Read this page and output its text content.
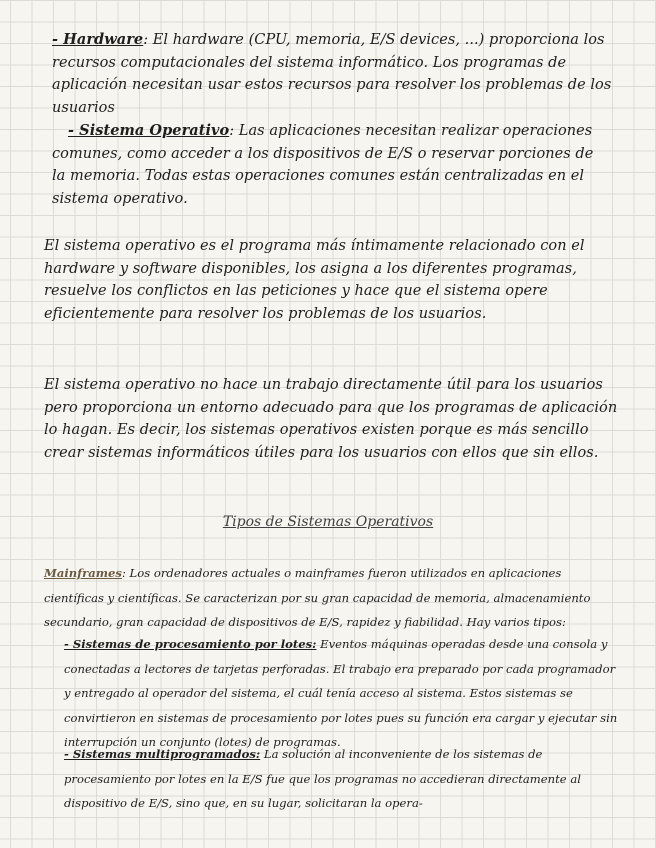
- Hardware: El hardware (CPU, memoria, E/S devices, ...) proporciona los recursos computacionales del sistema informático. Los programas de aplicación necesitan usar estos recursos para resolver los problemas de los usuarios

- Sistema Operativo: Las aplicaciones necesitan realizar operaciones comunes, como acceder a los dispositivos de E/S o reservar porciones de la memoria. Todas estas operaciones comunes están centralizadas en el sistema operativo.

El sistema operativo es el programa más íntimamente relacionado con el hardware y software disponibles, los asigna a los diferentes programas, resuelve los conflictos en las peticiones y hace que el sistema opere eficientemente para resolver los problemas de los usuarios.

El sistema operativo no hace un trabajo directamente útil para los usuarios pero proporciona un entorno adecuado para que los programas de aplicación lo hagan. Es decir, los sistemas operativos existen porque es más sencillo crear sistemas informáticos útiles para los usuarios con ellos que sin ellos.

Tipos de Sistemas Operativos

Mainframes: Los ordenadores actuales o mainframes fueron utilizados en aplicaciones científicas y científicas. Se caracterizan por su gran capacidad de memoria, almacenamiento secundario, gran capacidad de dispositivos de E/S, rapidez y fiabilidad. Hay varios tipos:

- Sistemas de procesamiento por lotes: Eventos máquinas operadas desde una consola y conectadas a lectores de tarjetas perforadas. El trabajo era preparado por cada programador y entregado al operador del sistema, el cuál tenía acceso al sistema. Estos sistemas se convirtieron en sistemas de procesamiento por lotes pues su función era cargar y ejecutar sin interrupción un conjunto (lotes) de programas.

- Sistemas multiprogramados: La solución al inconveniente de los sistemas de procesamiento por lotes en la E/S fue que los programas no accedieran directamente al dispositivo de E/S, sino que, en su lugar, solicitaran la opera-
